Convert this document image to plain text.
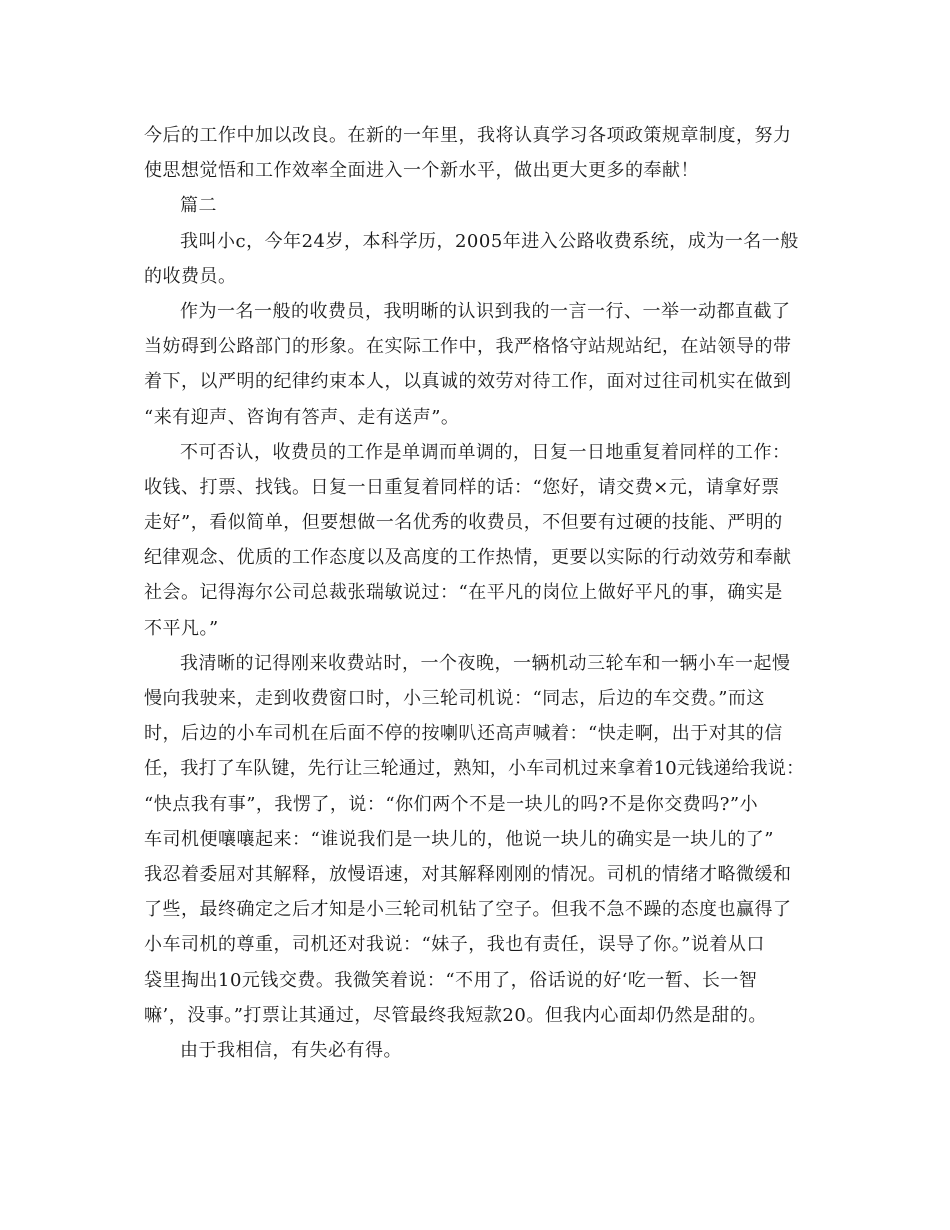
今后的工作中加以改良。在新的一年里，我将认真学习各项政策规章制度，努力
使思想觉悟和工作效率全面进入一个新水平，做出更大更多的奉献！
篇二
我叫小c，今年24岁，本科学历，2005年进入公路收费系统，成为一名一般
的收费员。
作为一名一般的收费员，我明晰的认识到我的一言一行、一举一动都直截了
当妨碍到公路部门的形象。在实际工作中，我严格恪守站规站纪，在站领导的带
着下，以严明的纪律约束本人，以真诚的效劳对待工作，面对过往司机实在做到
“来有迎声、咨询有答声、走有送声”。
不可否认，收费员的工作是单调而单调的，日复一日地重复着同样的工作：
收钱、打票、找钱。日复一日重复着同样的话：“您好，请交费×元，请拿好票
走好”，看似简单，但要想做一名优秀的收费员，不但要有过硬的技能、严明的
纪律观念、优质的工作态度以及高度的工作热情，更要以实际的行动效劳和奉献
社会。记得海尔公司总裁张瑞敏说过：“在平凡的岗位上做好平凡的事，确实是
不平凡。”
我清晰的记得刚来收费站时，一个夜晚，一辆机动三轮车和一辆小车一起慢
慢向我驶来，走到收费窗口时，小三轮司机说：“同志，后边的车交费。”而这
时，后边的小车司机在后面不停的按喇叭还高声喊着：“快走啊，出于对其的信
任，我打了车队键，先行让三轮通过，熟知，小车司机过来拿着10元钱递给我说：
“快点我有事”，我愣了，说：“你们两个不是一块儿的吗?不是你交费吗?”小
车司机便嚷嚷起来：“谁说我们是一块儿的，他说一块儿的确实是一块儿的了”
我忍着委屈对其解释，放慢语速，对其解释刚刚的情况。司机的情绪才略微缓和
了些，最终确定之后才知是小三轮司机钻了空子。但我不急不躁的态度也赢得了
小车司机的尊重，司机还对我说：“妹子，我也有责任，误导了你。”说着从口
袋里掏出10元钱交费。我微笑着说：“不用了，俗话说的好‘吃一暂、长一智
嘛’，没事。”打票让其通过，尽管最终我短款20。但我内心面却仍然是甜的。
由于我相信，有失必有得。
